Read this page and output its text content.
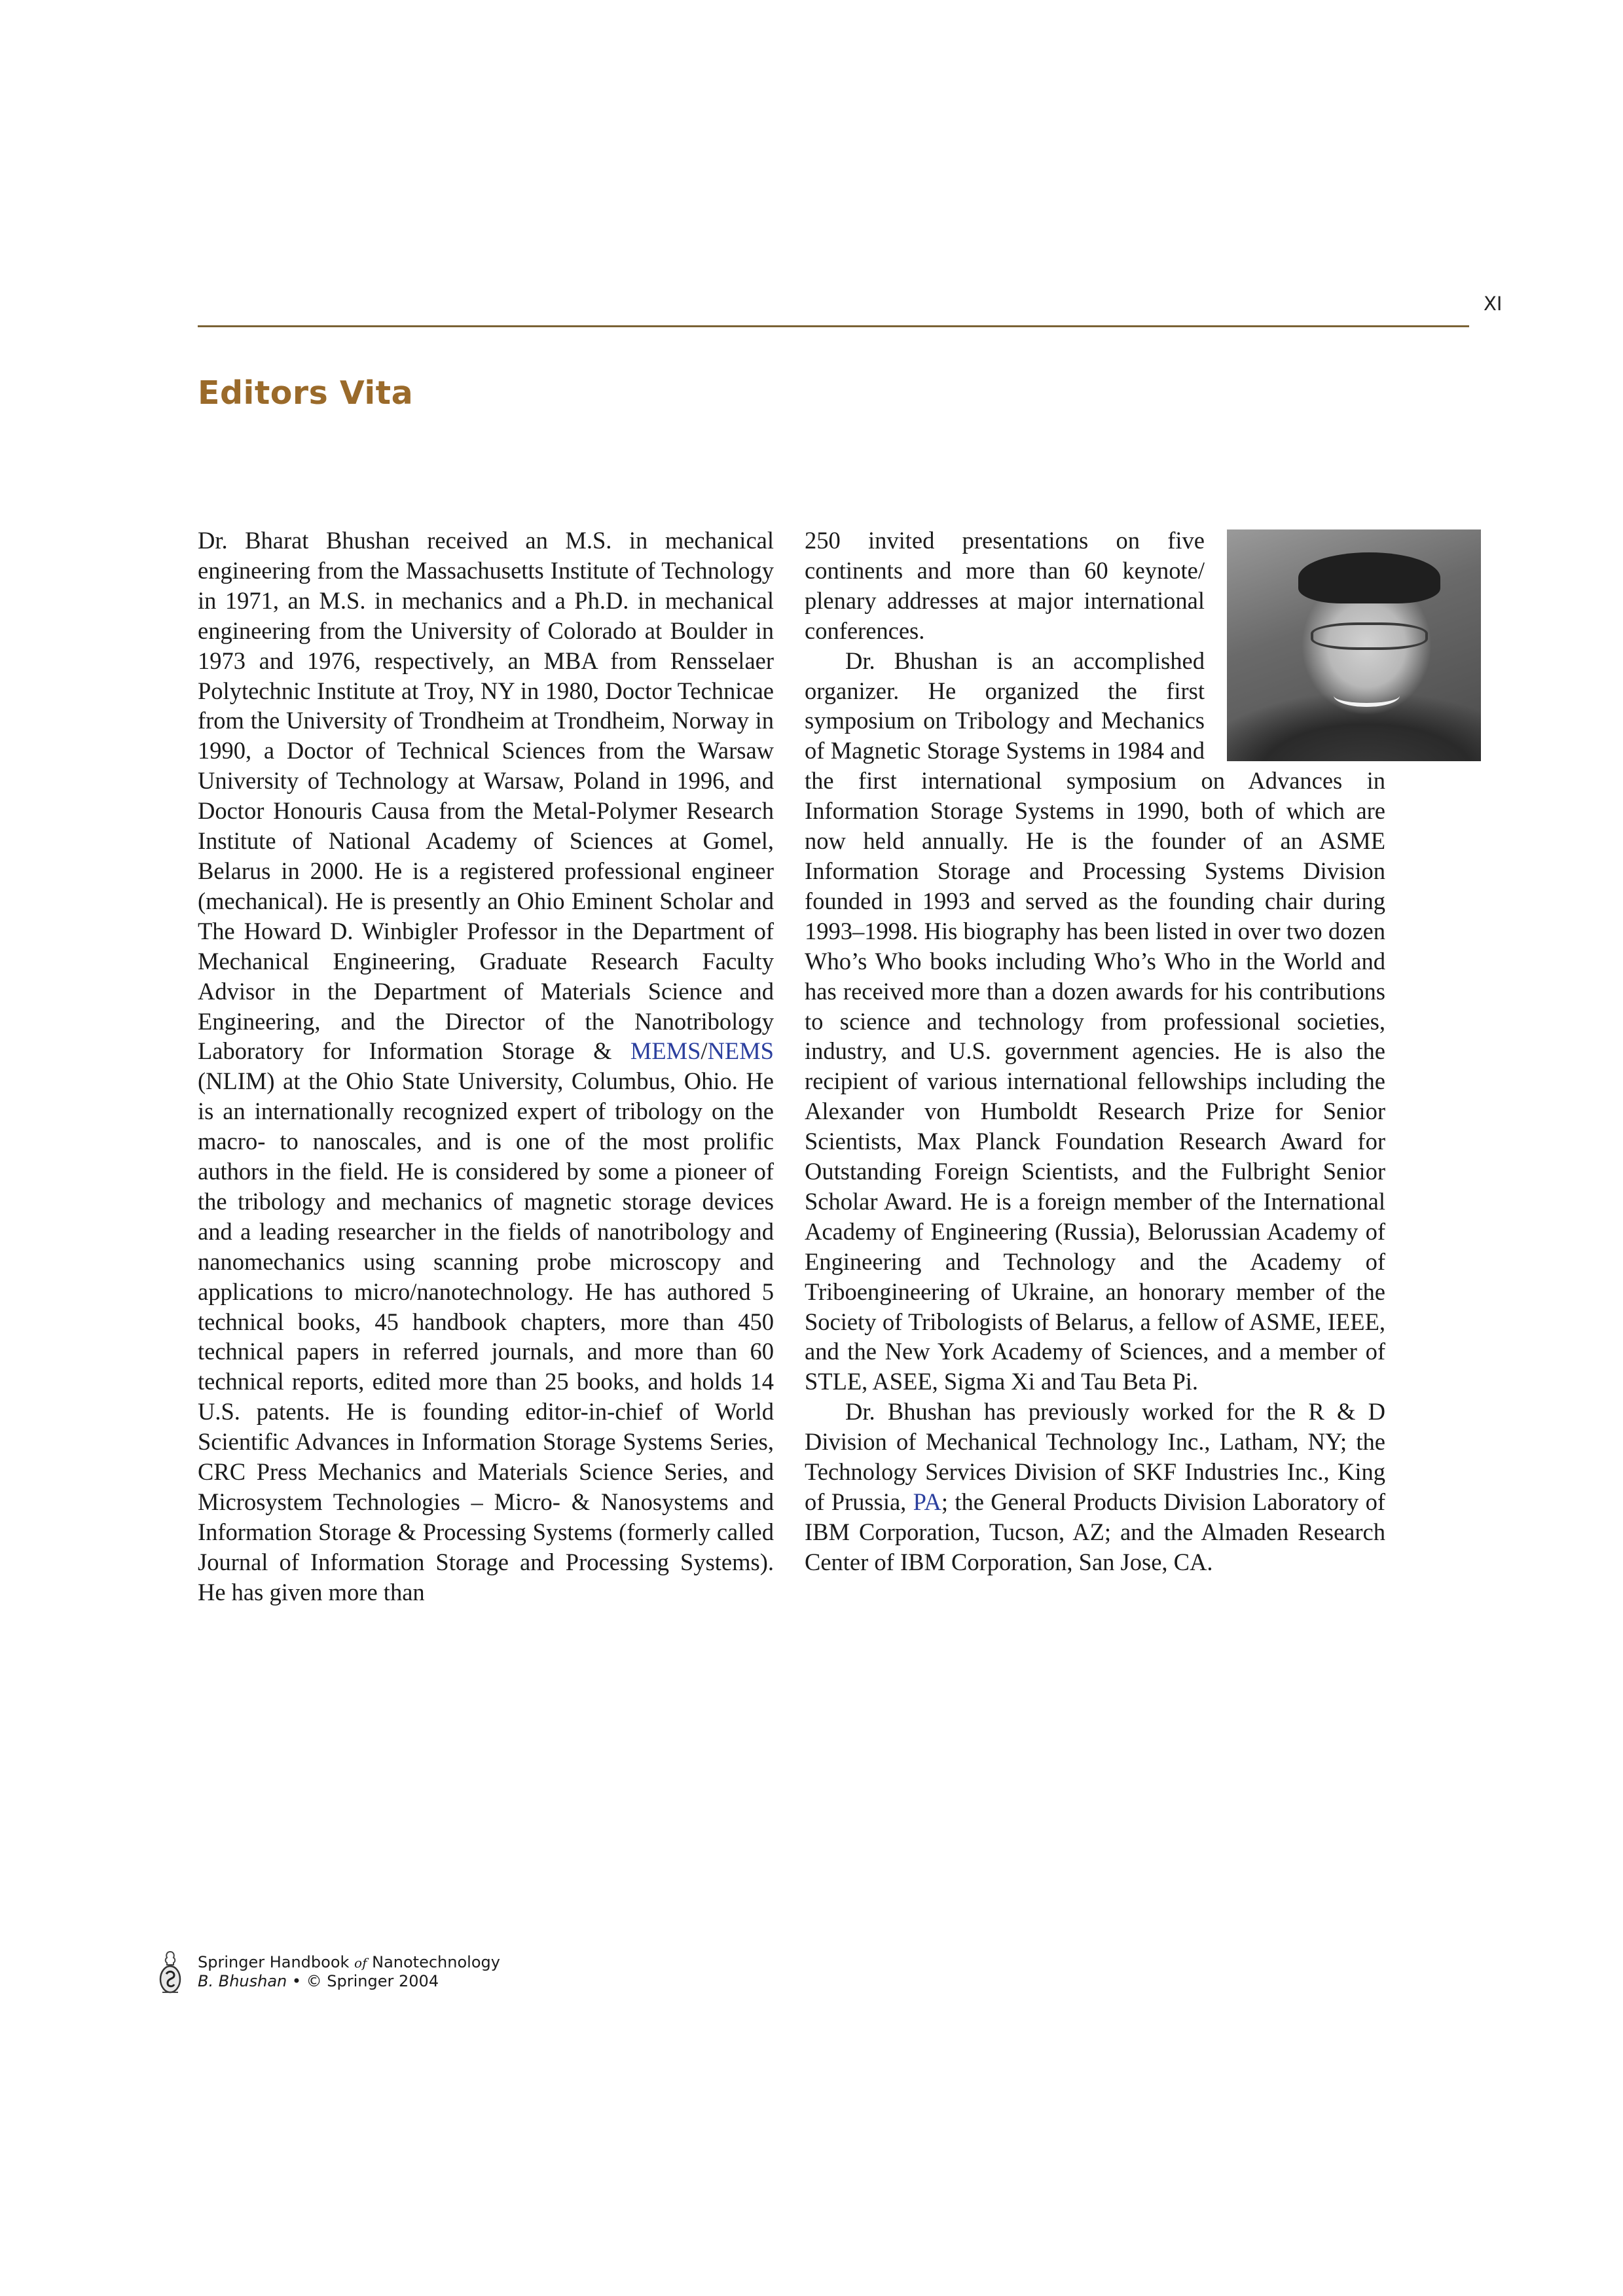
XI
Editors Vita

Dr. Bharat Bhushan received an M.S. in mechanical engineering from the Massachusetts Institute of Technology in 1971, an M.S. in mechanics and a Ph.D. in mechanical engineering from the University of Colorado at Boulder in 1973 and 1976, respectively, an MBA from Rensselaer Polytechnic Institute at Troy, NY in 1980, Doctor Technicae from the University of Trondheim at Trondheim, Norway in 1990, a Doctor of Technical Sciences from the Warsaw University of Technology at Warsaw, Poland in 1996, and Doctor Honouris Causa from the Metal-Polymer Research Institute of National Academy of Sciences at Gomel, Belarus in 2000. He is a registered professional engineer (mechanical). He is presently an Ohio Eminent Scholar and The Howard D. Winbigler Professor in the Department of Mechanical Engineering, Graduate Research Faculty Advisor in the Department of Materials Science and Engineering, and the Director of the Nanotribology Laboratory for Information Storage & MEMS/NEMS (NLIM) at the Ohio State University, Columbus, Ohio. He is an internationally recognized expert of tribology on the macro- to nanoscales, and is one of the most prolific authors in the field. He is considered by some a pioneer of the tribology and mechanics of magnetic storage devices and a leading researcher in the fields of nanotribology and nanomechanics using scanning probe microscopy and applications to micro/nanotechnology. He has authored 5 technical books, 45 handbook chapters, more than 450 technical papers in referred journals, and more than 60 technical reports, edited more than 25 books, and holds 14 U.S. patents. He is founding editor-in-chief of World Scientific Advances in Information Storage Systems Series, CRC Press Mechanics and Materials Science Series, and Microsystem Technologies – Micro- & Nanosystems and Information Storage & Processing Systems (formerly called Journal of Information Storage and Processing Systems). He has given more than

250 invited presentations on five continents and more than 60 keynote/ plenary addresses at major international conferences.

Dr. Bhushan is an accomplished organizer. He organized the first symposium on Tribology and Mechanics of Magnetic Storage Systems in 1984 and the first international symposium on Advances in Information Storage Systems in 1990, both of which are now held annually. He is the founder of an ASME Information Storage and Processing Systems Division founded in 1993 and served as the founding chair during 1993–1998. His biography has been listed in over two dozen Who’s Who books including Who’s Who in the World and has received more than a dozen awards for his contributions to science and technology from professional societies, industry, and U.S. government agencies. He is also the recipient of various international fellowships including the Alexander von Humboldt Research Prize for Senior Scientists, Max Planck Foundation Research Award for Outstanding Foreign Scientists, and the Fulbright Senior Scholar Award. He is a foreign member of the International Academy of Engineering (Russia), Belorussian Academy of Engineering and Technology and the Academy of Triboengineering of Ukraine, an honorary member of the Society of Tribologists of Belarus, a fellow of ASME, IEEE, and the New York Academy of Sciences, and a member of STLE, ASEE, Sigma Xi and Tau Beta Pi.

Dr. Bhushan has previously worked for the R & D Division of Mechanical Technology Inc., Latham, NY; the Technology Services Division of SKF Industries Inc., King of Prussia, PA; the General Products Division Laboratory of IBM Corporation, Tucson, AZ; and the Almaden Research Center of IBM Corporation, San Jose, CA.

Springer Handbook of Nanotechnology
B. Bhushan • © Springer 2004
